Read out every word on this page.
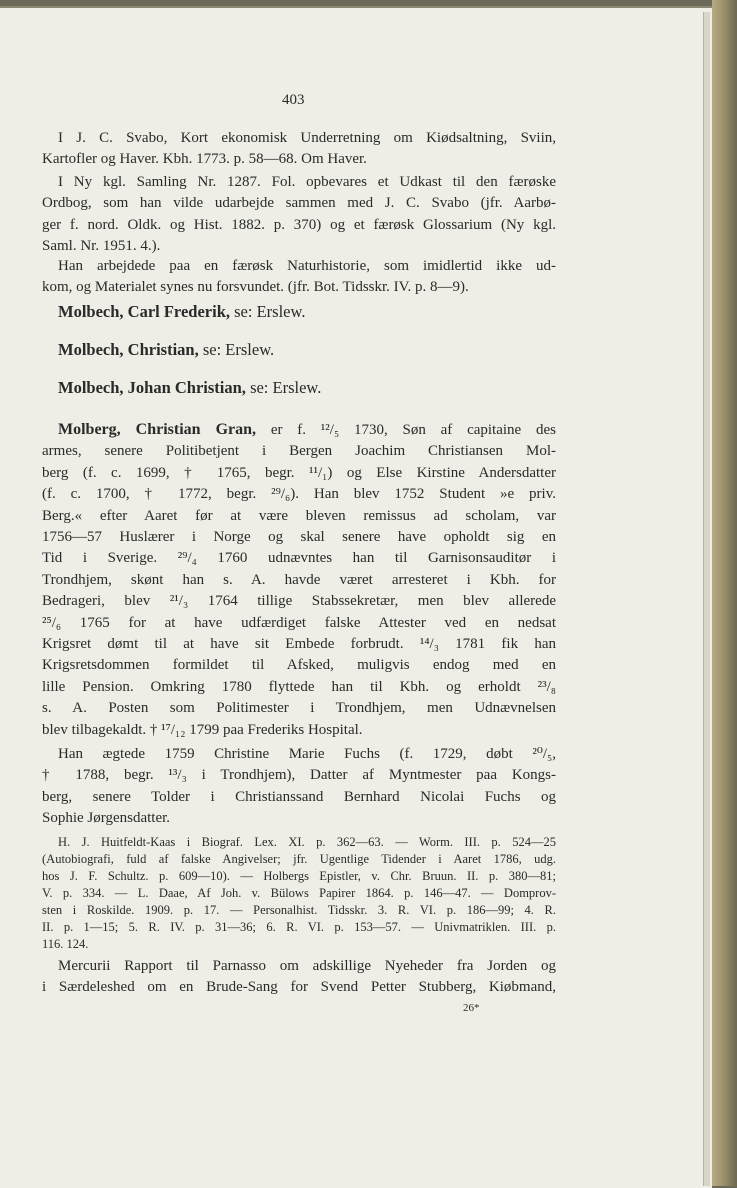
403
I J. C. Svabo, Kort ekonomisk Underretning om Kiødsaltning, Sviin,
Kartofler og Haver. Kbh. 1773. p. 58—68. Om Haver.
I Ny kgl. Samling Nr. 1287. Fol. opbevares et Udkast til den færøske
Ordbog, som han vilde udarbejde sammen med J. C. Svabo (jfr. Aarbø-
ger f. nord. Oldk. og Hist. 1882. p. 370) og et færøsk Glossarium (Ny kgl.
Saml. Nr. 1951. 4.).
Han arbejdede paa en færøsk Naturhistorie, som imidlertid ikke ud-
kom, og Materialet synes nu forsvundet. (jfr. Bot. Tidsskr. IV. p. 8—9).
Molbech, Carl Frederik, se: Erslew.
Molbech, Christian, se: Erslew.
Molbech, Johan Christian, se: Erslew.
Molberg, Christian Gran, er f. ¹²/₅ 1730, Søn af capitaine des
armes, senere Politibetjent i Bergen Joachim Christiansen Mol-
berg (f. c. 1699, † 1765, begr. ¹¹/₁) og Else Kirstine Andersdatter
(f. c. 1700, † 1772, begr. ²⁹/₆). Han blev 1752 Student »e priv.
Berg.« efter Aaret før at være bleven remissus ad scholam, var
1756—57 Huslærer i Norge og skal senere have opholdt sig en
Tid i Sverige. ²⁹/₄ 1760 udnævntes han til Garnisonsauditør i
Trondhjem, skønt han s. A. havde været arresteret i Kbh. for
Bedrageri, blev ²¹/₃ 1764 tillige Stabssekretær, men blev allerede
²⁵/₆ 1765 for at have udfærdiget falske Attester ved en nedsat
Krigsret dømt til at have sit Embede forbrudt. ¹⁴/₃ 1781 fik han
Krigsretsdommen formildet til Afsked, muligvis endog med en
lille Pension. Omkring 1780 flyttede han til Kbh. og erholdt ²³/₈
s. A. Posten som Politimester i Trondhjem, men Udnævnelsen
blev tilbagekaldt. † ¹⁷/₁₂ 1799 paa Frederiks Hospital.
Han ægtede 1759 Christine Marie Fuchs (f. 1729, døbt ²⁰/₅,
† 1788, begr. ¹³/₃ i Trondhjem), Datter af Myntmester paa Kongs-
berg, senere Tolder i Christianssand Bernhard Nicolai Fuchs og
Sophie Jørgensdatter.
H. J. Huitfeldt-Kaas i Biograf. Lex. XI. p. 362—63. — Worm. III. p. 524—25
(Autobiografi, fuld af falske Angivelser; jfr. Ugentlige Tidender i Aaret 1786, udg.
hos J. F. Schultz. p. 609—10). — Holbergs Epistler, v. Chr. Bruun. II. p. 380—81;
V. p. 334. — L. Daae, Af Joh. v. Bülows Papirer 1864. p. 146—47. — Domprov-
sten i Roskilde. 1909. p. 17. — Personalhist. Tidsskr. 3. R. VI. p. 186—99; 4. R.
II. p. 1—15; 5. R. IV. p. 31—36; 6. R. VI. p. 153—57. — Univmatriklen. III. p.
116. 124.
Mercurii Rapport til Parnasso om adskillige Nyeheder fra Jorden og
i Særdeleshed om en Brude-Sang for Svend Petter Stubberg, Kiøbmand,
26*
